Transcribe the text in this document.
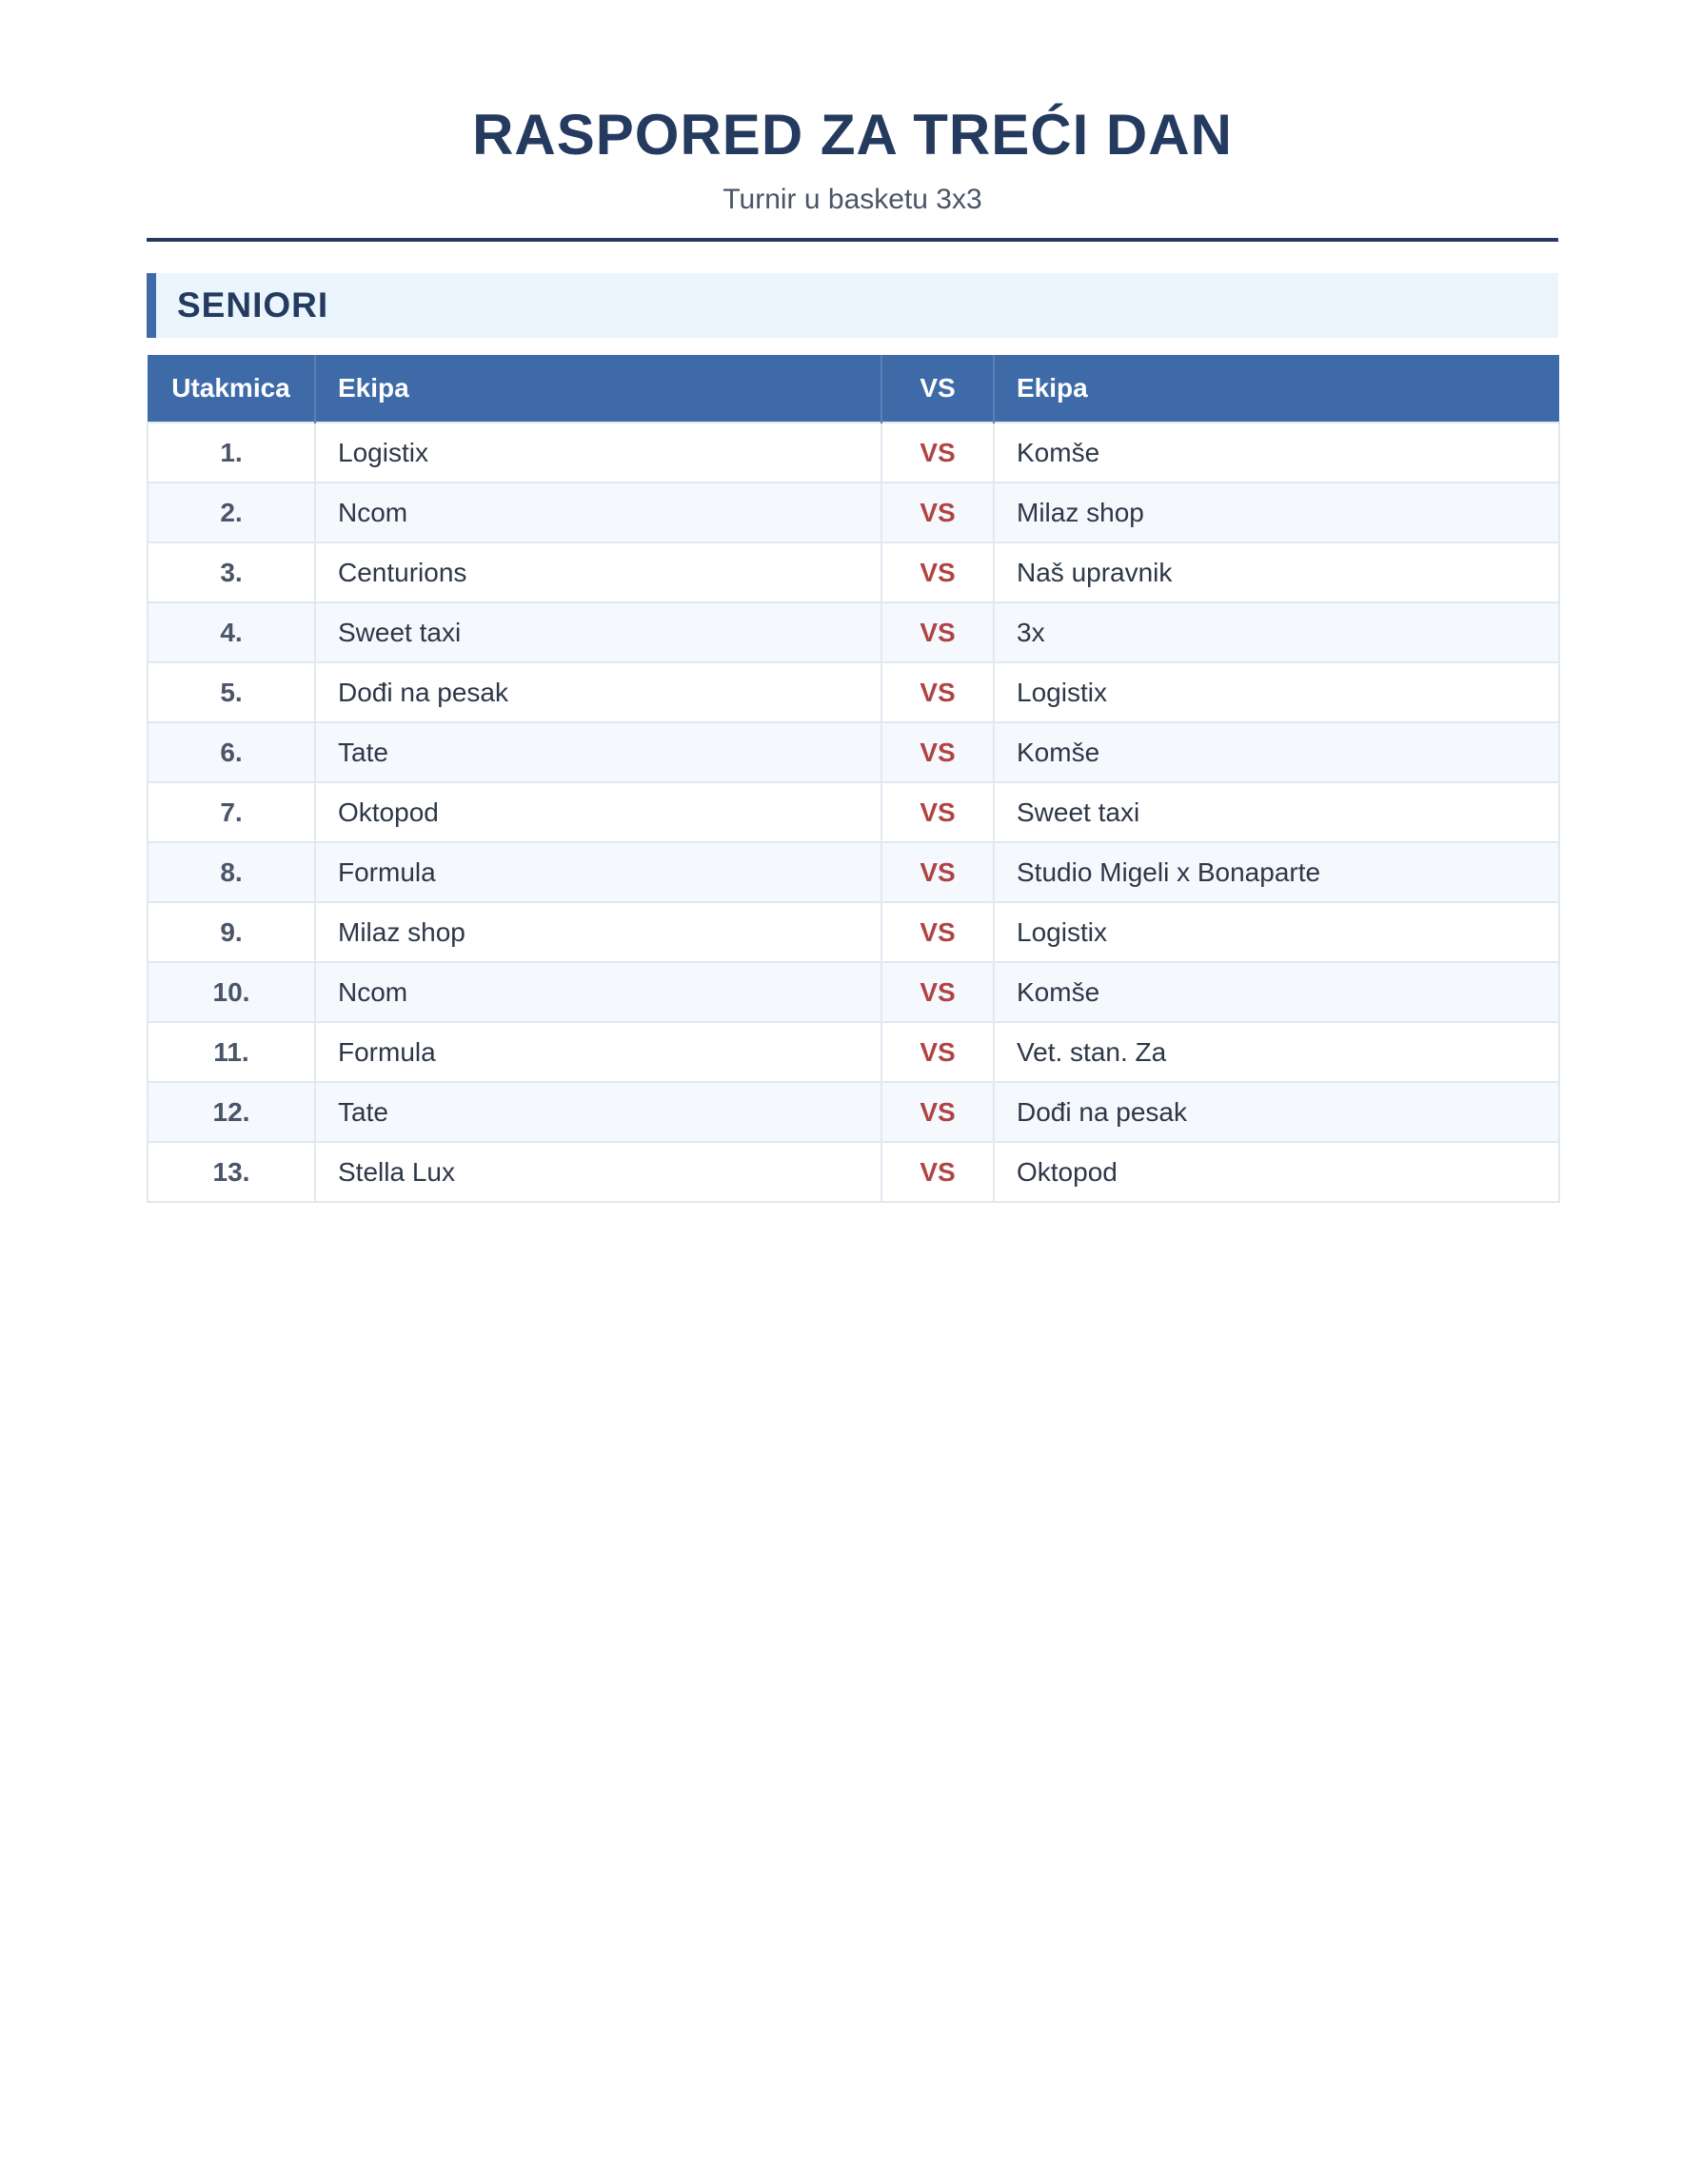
RASPORED ZA TREĆI DAN
Turnir u basketu 3x3
SENIORI
Utakmica	Ekipa	VS	Ekipa
1.	Logistix	VS	Komše
2.	Ncom	VS	Milaz shop
3.	Centurions	VS	Naš upravnik
4.	Sweet taxi	VS	3x
5.	Dođi na pesak	VS	Logistix
6.	Tate	VS	Komše
7.	Oktopod	VS	Sweet taxi
8.	Formula	VS	Studio Migeli x Bonaparte
9.	Milaz shop	VS	Logistix
10.	Ncom	VS	Komše
11.	Formula	VS	Vet. stan. Za
12.	Tate	VS	Dođi na pesak
13.	Stella Lux	VS	Oktopod
